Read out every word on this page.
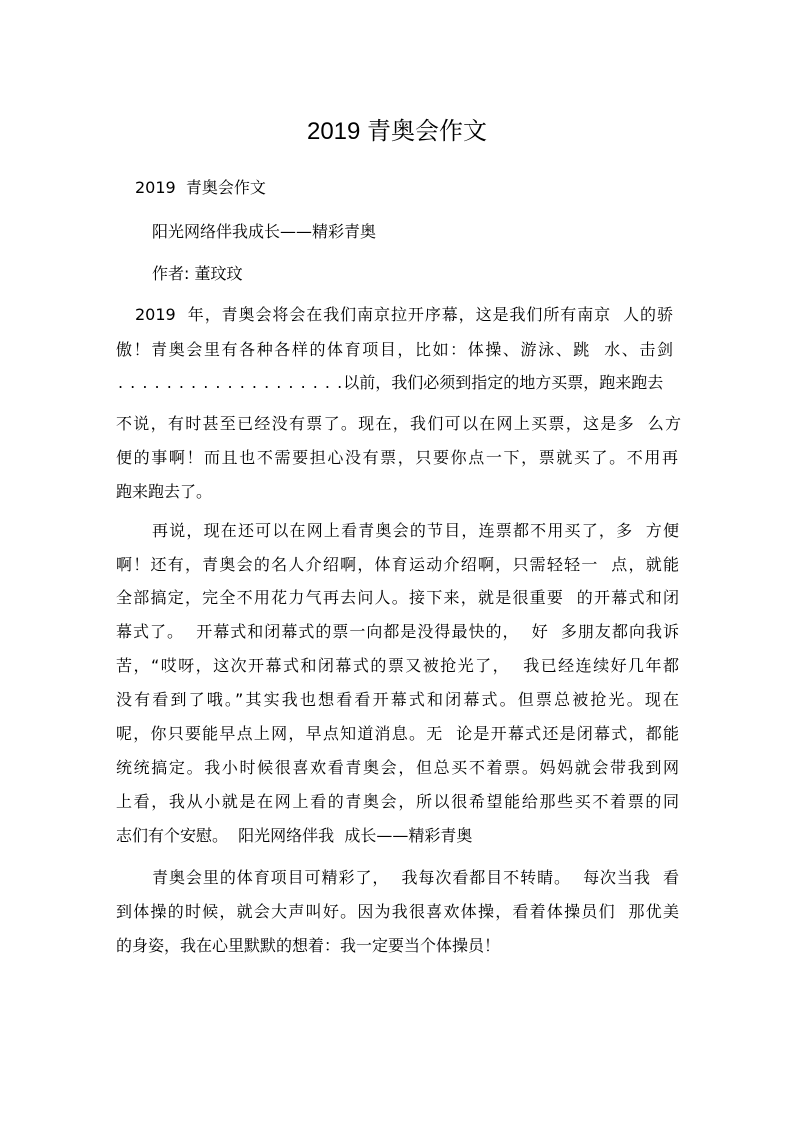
2019 青奥会作文

2019  青奥会作文

阳光网络伴我成长——精彩青奥

作者: 董玟玟

2019  年，青奥会将会在我们南京拉开序幕，这是我们所有南京  人的骄

傲！青奥会里有各种各样的体育项目，比如：体操、游泳、跳  水、击剑

. . . . . . . . . . . . . . . . . . .以前，我们必须到指定的地方买票，跑来跑去

不说，有时甚至已经没有票了。现在，我们可以在网上买票，这是多  么方

便的事啊！而且也不需要担心没有票，只要你点一下，票就买了。不用再

跑来跑去了。

再说，现在还可以在网上看青奥会的节目，连票都不用买了，多  方便

啊！还有，青奥会的名人介绍啊，体育运动介绍啊，只需轻轻一  点，就能

全部搞定，完全不用花力气再去问人。接下来，就是很重要  的开幕式和闭

幕式了。  开幕式和闭幕式的票一向都是没得最快的，  好  多朋友都向我诉

苦，“哎呀，这次开幕式和闭幕式的票又被抢光了，  我已经连续好几年都

没有看到了哦。”其实我也想看看开幕式和闭幕式。但票总被抢光。现在

呢，你只要能早点上网，早点知道消息。无  论是开幕式还是闭幕式，都能

统统搞定。我小时候很喜欢看青奥会，但总买不着票。妈妈就会带我到网

上看，我从小就是在网上看的青奥会，所以很希望能给那些买不着票的同

志们有个安慰。  阳光网络伴我  成长——精彩青奥

青奥会里的体育项目可精彩了，  我每次看都目不转睛。  每次当我  看

到体操的时候，就会大声叫好。因为我很喜欢体操，看着体操员们  那优美

的身姿，我在心里默默的想着：我一定要当个体操员！
